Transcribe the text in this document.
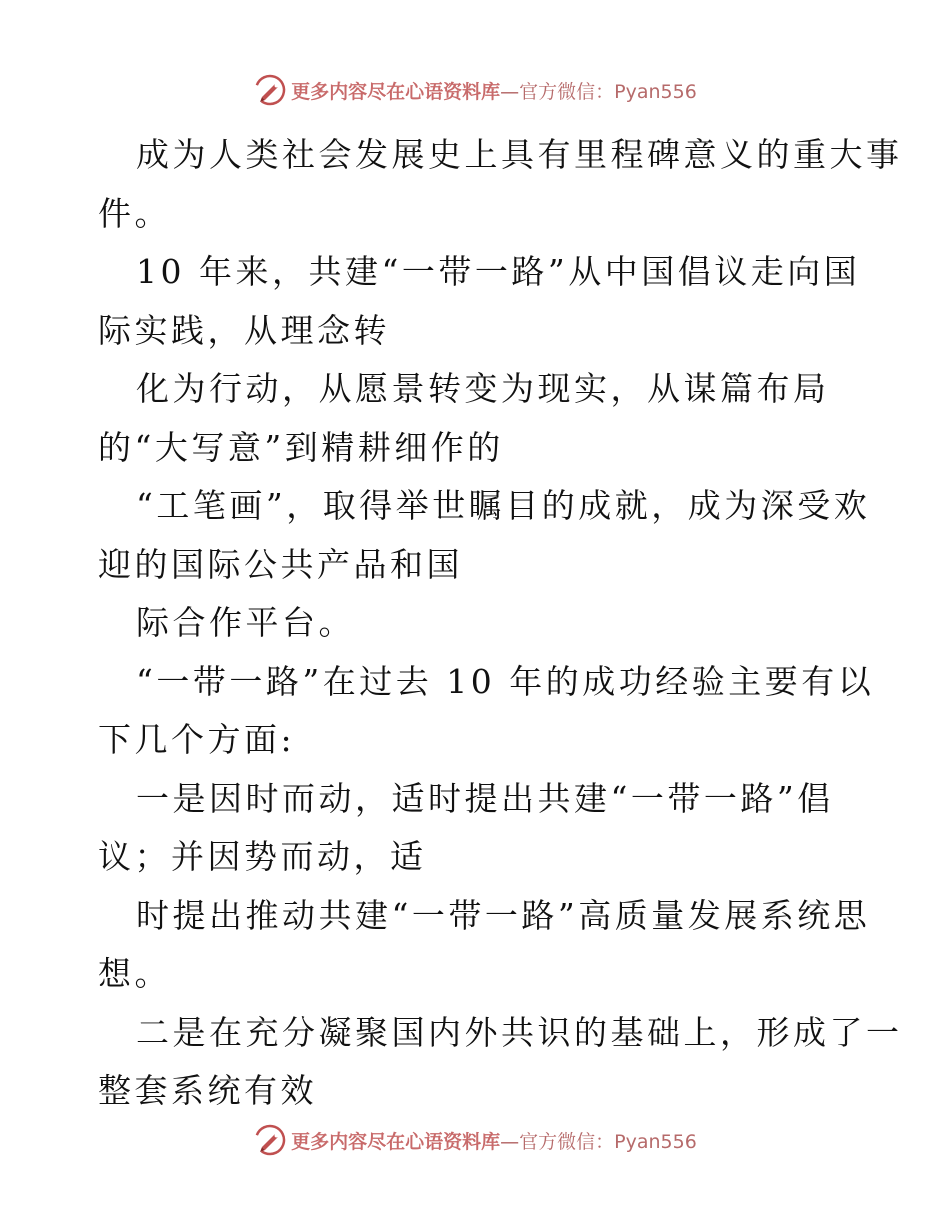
更多内容尽在心语资料库—官方微信：Pyan556
成为人类社会发展史上具有里程碑意义的重大事
件。
10 年来，共建“一带一路”从中国倡议走向国
际实践，从理念转
化为行动，从愿景转变为现实，从谋篇布局
的“大写意”到精耕细作的
“工笔画”，取得举世瞩目的成就，成为深受欢
迎的国际公共产品和国
际合作平台。
“一带一路”在过去 10 年的成功经验主要有以
下几个方面:
一是因时而动，适时提出共建“一带一路”倡
议；并因势而动，适
时提出推动共建“一带一路”高质量发展系统思
想。
二是在充分凝聚国内外共识的基础上，形成了一
整套系统有效
更多内容尽在心语资料库—官方微信：Pyan556
